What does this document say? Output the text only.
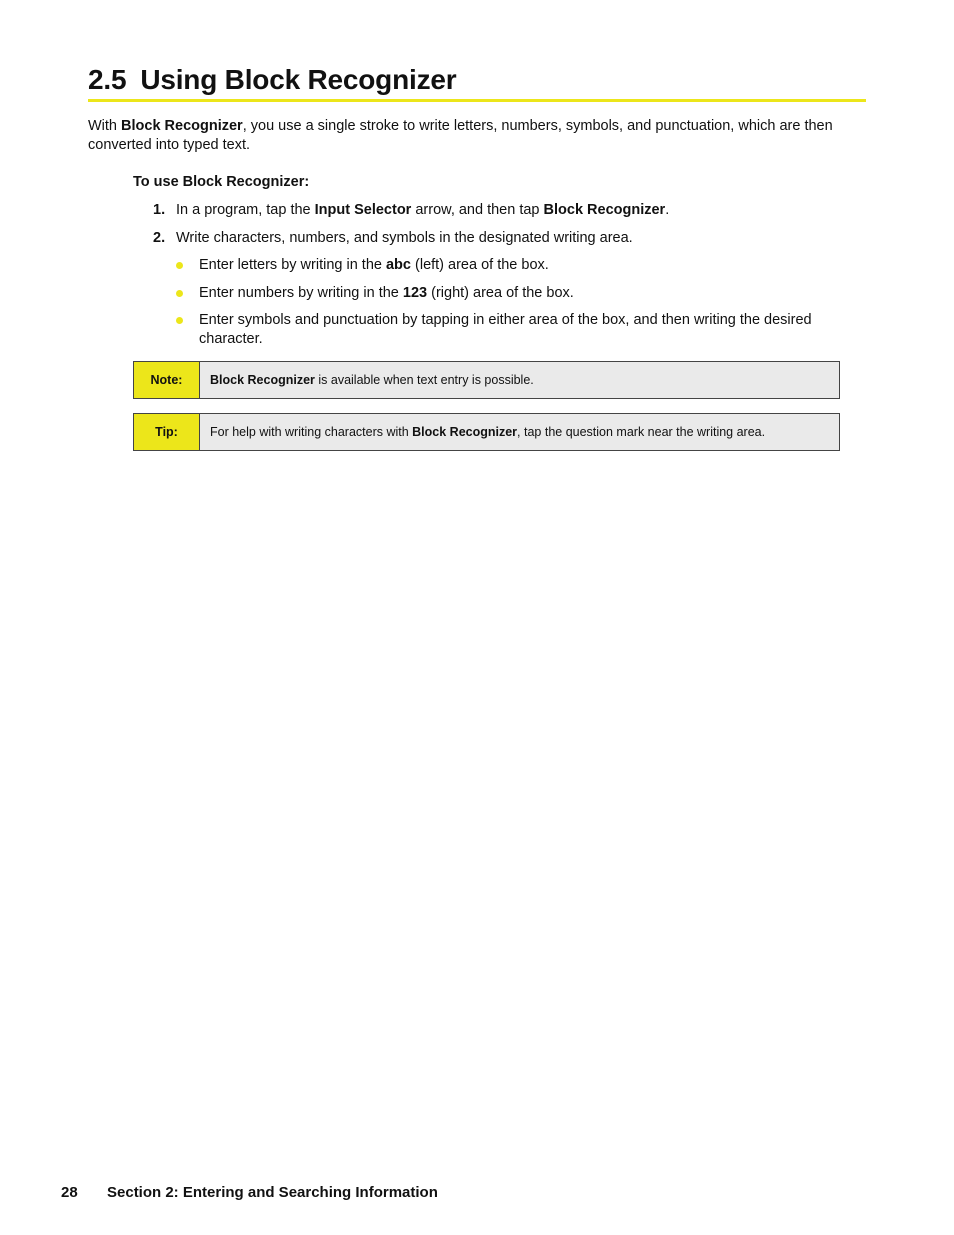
2.5 Using Block Recognizer
With Block Recognizer, you use a single stroke to write letters, numbers, symbols, and punctuation, which are then converted into typed text.
To use Block Recognizer:
1. In a program, tap the Input Selector arrow, and then tap Block Recognizer.
2. Write characters, numbers, and symbols in the designated writing area.
Enter letters by writing in the abc (left) area of the box.
Enter numbers by writing in the 123 (right) area of the box.
Enter symbols and punctuation by tapping in either area of the box, and then writing the desired character.
Note:	Block Recognizer is available when text entry is possible.
Tip:	For help with writing characters with Block Recognizer, tap the question mark near the writing area.
28 Section 2: Entering and Searching Information
